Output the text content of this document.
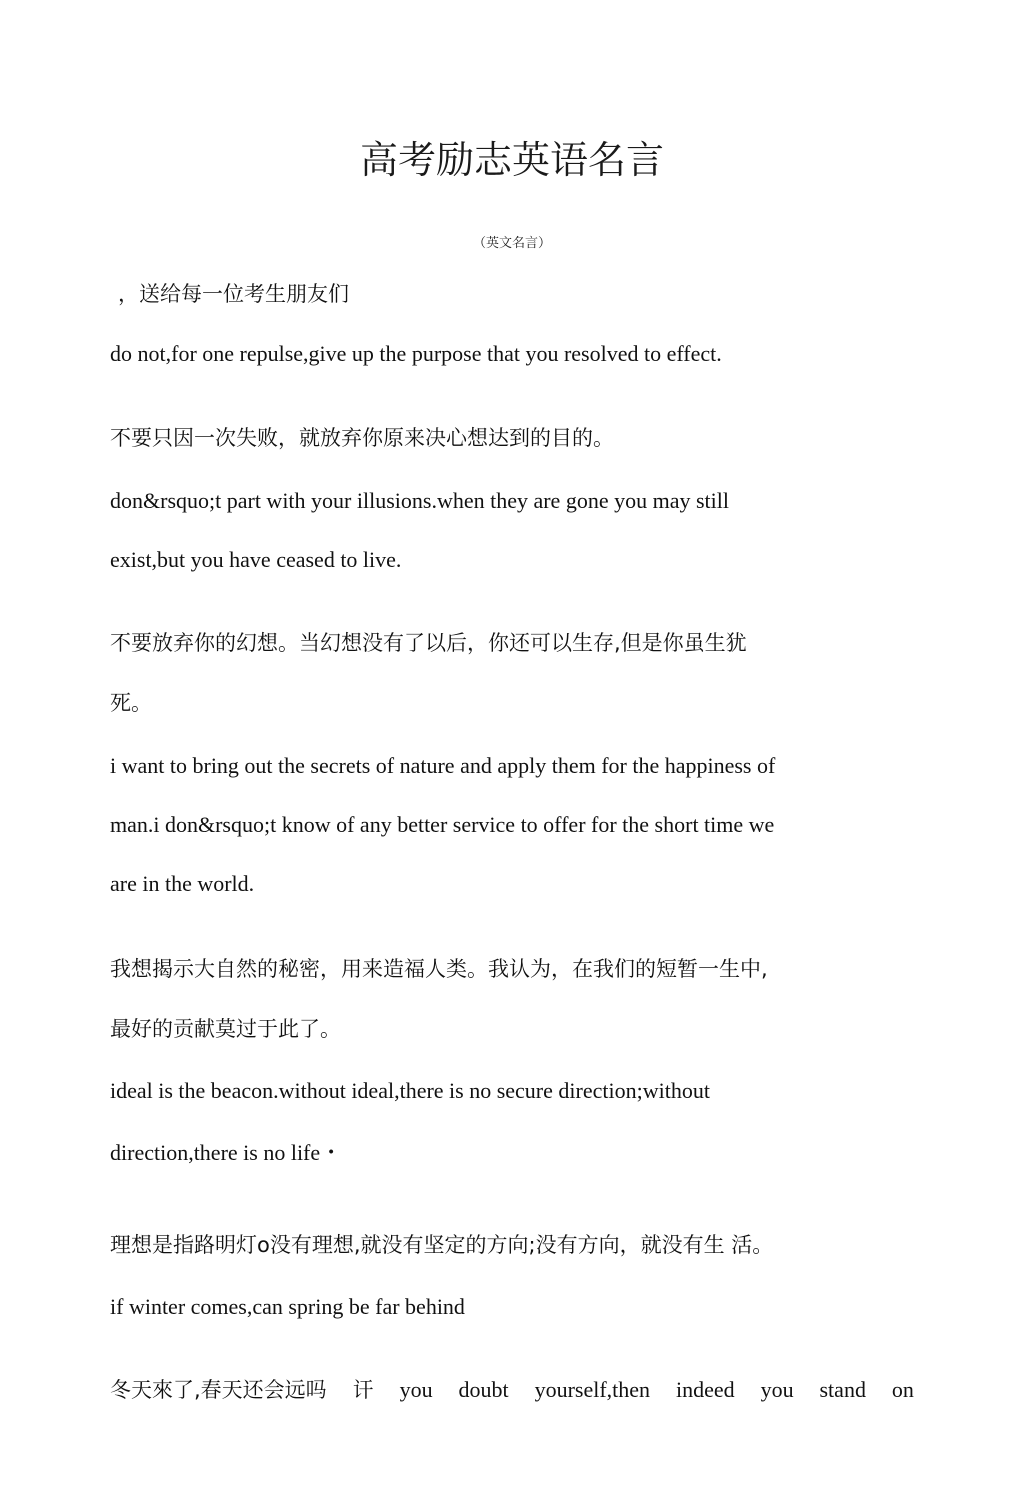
高考励志英语名言
（英文名言）

，送给每一位考生朋友们

do not,for one repulse,give up the purpose that you resolved to effect.

不要只因一次失败，就放弃你原来决心想达到的目的。

don&rsquo;t part with your illusions.when they are gone you may still

exist,but you have ceased to live.

不要放弃你的幻想。当幻想没有了以后，你还可以生存,但是你虽生犹

死。

i want to bring out the secrets of nature and apply them for the happiness of

man.i don&rsquo;t know of any better service to offer for the short time we

are in the world.

我想揭示大自然的秘密，用来造福人类。我认为，在我们的短暂一生中,

最好的贡献莫过于此了。

ideal is the beacon.without ideal,there is no secure direction;without

direction,there is no life・

理想是指路明灯o没有理想,就没有坚定的方向;没有方向，就没有生 活。

if winter comes,can spring be far behind

冬天來了,春天还会远吗 讦 you doubt yourself,then indeed you stand on
